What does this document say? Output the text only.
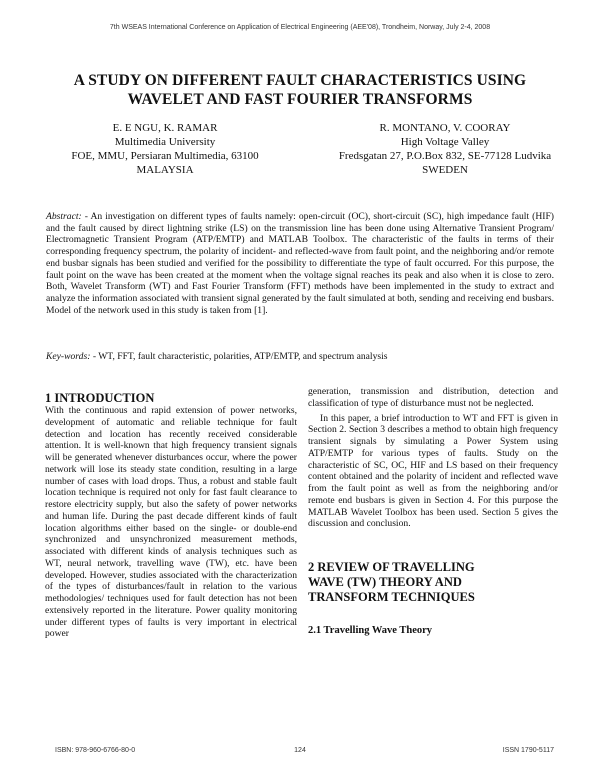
7th WSEAS International Conference on Application of Electrical Engineering (AEE'08), Trondheim, Norway, July 2-4, 2008
A STUDY ON DIFFERENT FAULT CHARACTERISTICS USING
WAVELET AND FAST FOURIER TRANSFORMS
E. E NGU, K. RAMAR
Multimedia University
FOE, MMU, Persiaran Multimedia, 63100
MALAYSIA
R. MONTANO, V. COORAY
High Voltage Valley
Fredsgatan 27, P.O.Box 832, SE-77128 Ludvika
SWEDEN
Abstract: - An investigation on different types of faults namely: open-circuit (OC), short-circuit (SC), high impedance fault (HIF) and the fault caused by direct lightning strike (LS) on the transmission line has been done using Alternative Transient Program/ Electromagnetic Transient Program (ATP/EMTP) and MATLAB Toolbox. The characteristic of the faults in terms of their corresponding frequency spectrum, the polarity of incident- and reflected-wave from fault point, and the neighboring and/or remote end busbar signals has been studied and verified for the possibility to differentiate the type of fault occurred. For this purpose, the fault point on the wave has been created at the moment when the voltage signal reaches its peak and also when it is close to zero. Both, Wavelet Transform (WT) and Fast Fourier Transform (FFT) methods have been implemented in the study to extract and analyze the information associated with transient signal generated by the fault simulated at both, sending and receiving end busbars. Model of the network used in this study is taken from [1].
Key-words: - WT, FFT, fault characteristic, polarities, ATP/EMTP, and spectrum analysis
1 INTRODUCTION

With the continuous and rapid extension of power networks, development of automatic and reliable technique for fault detection and location has recently received considerable attention. It is well-known that high frequency transient signals will be generated whenever disturbances occur, where the power network will lose its steady state condition, resulting in a large number of cases with load drops. Thus, a robust and stable fault location technique is required not only for fast fault clearance to restore electricity supply, but also the safety of power networks and human life. During the past decade different kinds of fault location algorithms either based on the single- or double-end synchronized and unsynchronized measurement methods, associated with different kinds of analysis techniques such as WT, neural network, travelling wave (TW), etc. have been developed. However, studies associated with the characterization of the types of disturbances/fault in relation to the various methodologies/ techniques used for fault detection has not been extensively reported in the literature. Power quality monitoring under different types of faults is very important in electrical power

generation, transmission and distribution, detection and classification of type of disturbance must not be neglected.

In this paper, a brief introduction to WT and FFT is given in Section 2. Section 3 describes a method to obtain high frequency transient signals by simulating a Power System using ATP/EMTP for various types of faults. Study on the characteristic of SC, OC, HIF and LS based on their frequency content obtained and the polarity of incident and reflected wave from the fault point as well as from the neighboring and/or remote end busbars is given in Section 4. For this purpose the MATLAB Wavelet Toolbox has been used. Section 5 gives the discussion and conclusion.

2 REVIEW OF TRAVELLING
WAVE (TW) THEORY AND
TRANSFORM TECHNIQUES
2.1 Travelling Wave Theory
ISBN: 978-960-6766-80-0	124	ISSN 1790-5117
